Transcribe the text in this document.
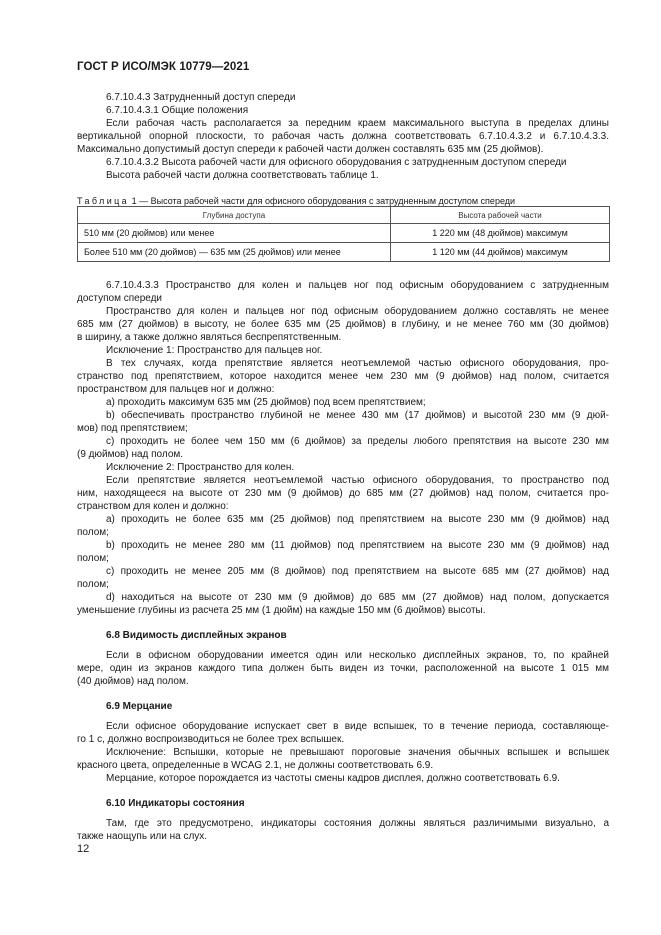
ГОСТ Р ИСО/МЭК 10779—2021
6.7.10.4.3 Затрудненный доступ спереди
6.7.10.4.3.1 Общие положения
Если рабочая часть располагается за передним краем максимального выступа в пределах длины
вертикальной опорной плоскости, то рабочая часть должна соответствовать 6.7.10.4.3.2 и 6.7.10.4.3.3.
Максимально допустимый доступ спереди к рабочей части должен составлять 635 мм (25 дюймов).
6.7.10.4.3.2 Высота рабочей части для офисного оборудования с затрудненным доступом спереди
Высота рабочей части должна соответствовать таблице 1.
Таблица 1 — Высота рабочей части для офисного оборудования с затрудненным доступом спереди
Глубина доступа	Высота рабочей части
510 мм (20 дюймов) или менее	1 220 мм (48 дюймов) максимум
Более 510 мм (20 дюймов) — 635 мм (25 дюймов) или менее	1 120 мм (44 дюймов) максимум
6.7.10.4.3.3 Пространство для колен и пальцев ног под офисным оборудованием с затрудненным
доступом спереди
Пространство для колен и пальцев ног под офисным оборудованием должно составлять не менее
685 мм (27 дюймов) в высоту, не более 635 мм (25 дюймов) в глубину, и не менее 760 мм (30 дюймов)
в ширину, а также должно являться беспрепятственным.
Исключение 1: Пространство для пальцев ног.
В тех случаях, когда препятствие является неотъемлемой частью офисного оборудования, про-
странство под препятствием, которое находится менее чем 230 мм (9 дюймов) над полом, считается
пространством для пальцев ног и должно:
a) проходить максимум 635 мм (25 дюймов) под всем препятствием;
b) обеспечивать пространство глубиной не менее 430 мм (17 дюймов) и высотой 230 мм (9 дюй-
мов) под препятствием;
c) проходить не более чем 150 мм (6 дюймов) за пределы любого препятствия на высоте 230 мм
(9 дюймов) над полом.
Исключение 2: Пространство для колен.
Если препятствие является неотъемлемой частью офисного оборудования, то пространство под
ним, находящееся на высоте от 230 мм (9 дюймов) до 685 мм (27 дюймов) над полом, считается про-
странством для колен и должно:
a) проходить не более 635 мм (25 дюймов) под препятствием на высоте 230 мм (9 дюймов) над
полом;
b) проходить не менее 280 мм (11 дюймов) под препятствием на высоте 230 мм (9 дюймов) над
полом;
c) проходить не менее 205 мм (8 дюймов) под препятствием на высоте 685 мм (27 дюймов) над
полом;
d) находиться на высоте от 230 мм (9 дюймов) до 685 мм (27 дюймов) над полом, допускается
уменьшение глубины из расчета 25 мм (1 дюйм) на каждые 150 мм (6 дюймов) высоты.
6.8 Видимость дисплейных экранов
Если в офисном оборудовании имеется один или несколько дисплейных экранов, то, по крайней
мере, один из экранов каждого типа должен быть виден из точки, расположенной на высоте 1 015 мм
(40 дюймов) над полом.
6.9 Мерцание
Если офисное оборудование испускает свет в виде вспышек, то в течение периода, составляюще-
го 1 с, должно воспроизводиться не более трех вспышек.
Исключение: Вспышки, которые не превышают пороговые значения обычных вспышек и вспышек
красного цвета, определенные в WCAG 2.1, не должны соответствовать 6.9.
Мерцание, которое порождается из частоты смены кадров дисплея, должно соответствовать 6.9.
6.10 Индикаторы состояния
Там, где это предусмотрено, индикаторы состояния должны являться различимыми визуально, а
также наощупь или на слух.
12
